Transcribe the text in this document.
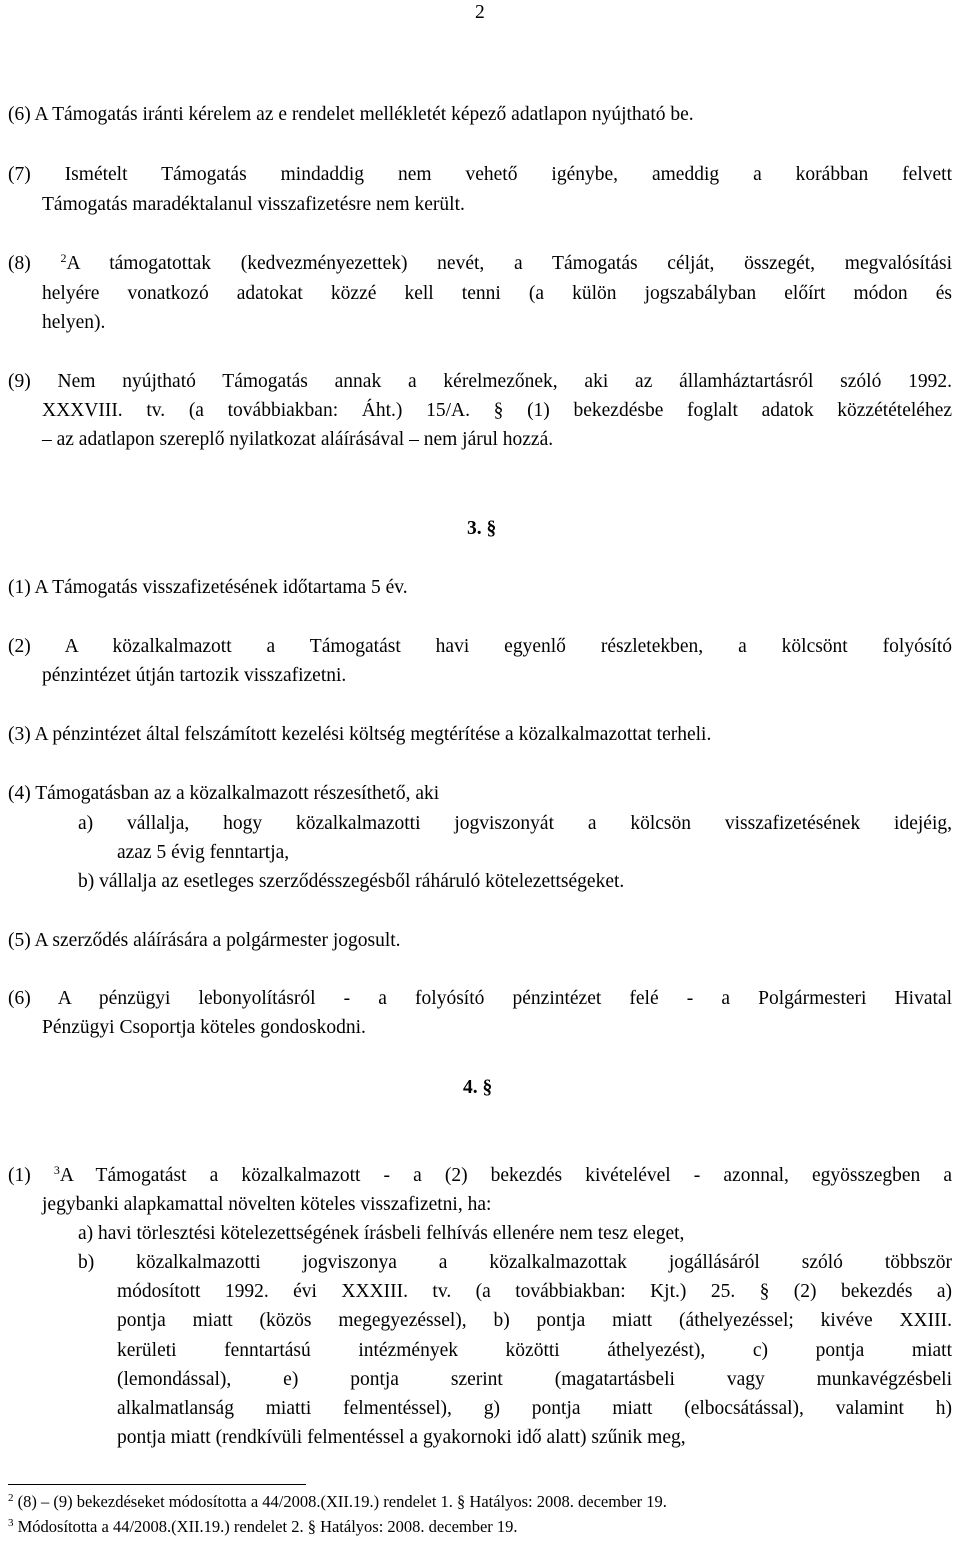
2
(6) A Támogatás iránti kérelem az e rendelet mellékletét képező adatlapon nyújtható be.
(7) Ismételt Támogatás mindaddig nem vehető igénybe, ameddig a korábban felvett
Támogatás maradéktalanul visszafizetésre nem került.
(8) $^2$A támogatottak (kedvezményezettek) nevét, a Támogatás célját, összegét, megvalósítási
helyére vonatkozó adatokat közzé kell tenni (a külön jogszabályban előírt módon és
helyen).
(9) Nem nyújtható Támogatás annak a kérelmezőnek, aki az államháztartásról szóló 1992.
XXXVIII. tv. (a továbbiakban: Áht.) 15/A. § (1) bekezdésbe foglalt adatok közzétételéhez
– az adatlapon szereplő nyilatkozat aláírásával – nem járul hozzá.
3. §
(1) A Támogatás visszafizetésének időtartama 5 év.
(2) A közalkalmazott a Támogatást havi egyenlő részletekben, a kölcsönt folyósító
pénzintézet útján tartozik visszafizetni.
(3) A pénzintézet által felszámított kezelési költség megtérítése a közalkalmazottat terheli.
(4) Támogatásban az a közalkalmazott részesíthető, aki
a) vállalja, hogy közalkalmazotti jogviszonyát a kölcsön visszafizetésének idejéig,
azaz 5 évig fenntartja,
b) vállalja az esetleges szerződésszegésből ráháruló kötelezettségeket.
(5) A szerződés aláírására a polgármester jogosult.
(6) A pénzügyi lebonyolításról - a folyósító pénzintézet felé - a Polgármesteri Hivatal
Pénzügyi Csoportja köteles gondoskodni.
4. §
(1) $^3$A Támogatást a közalkalmazott - a (2) bekezdés kivételével - azonnal, egyösszegben a
jegybanki alapkamattal növelten köteles visszafizetni, ha:
a) havi törlesztési kötelezettségének írásbeli felhívás ellenére nem tesz eleget,
b) közalkalmazotti jogviszonya a közalkalmazottak jogállásáról szóló többször
módosított 1992. évi XXXIII. tv. (a továbbiakban: Kjt.) 25. § (2) bekezdés a)
pontja miatt (közös megegyezéssel), b) pontja miatt (áthelyezéssel; kivéve XXIII.
kerületi fenntartású intézmények közötti áthelyezést), c) pontja miatt
(lemondással), e) pontja szerint (magatartásbeli vagy munkavégzésbeli
alkalmatlanság miatti felmentéssel), g) pontja miatt (elbocsátással), valamint h)
pontja miatt (rendkívüli felmentéssel a gyakornoki idő alatt) szűnik meg,
$^2$ (8) – (9) bekezdéseket módosította a 44/2008.(XII.19.) rendelet 1. § Hatályos: 2008. december 19.
$^3$ Módosította a 44/2008.(XII.19.) rendelet 2. § Hatályos: 2008. december 19.
